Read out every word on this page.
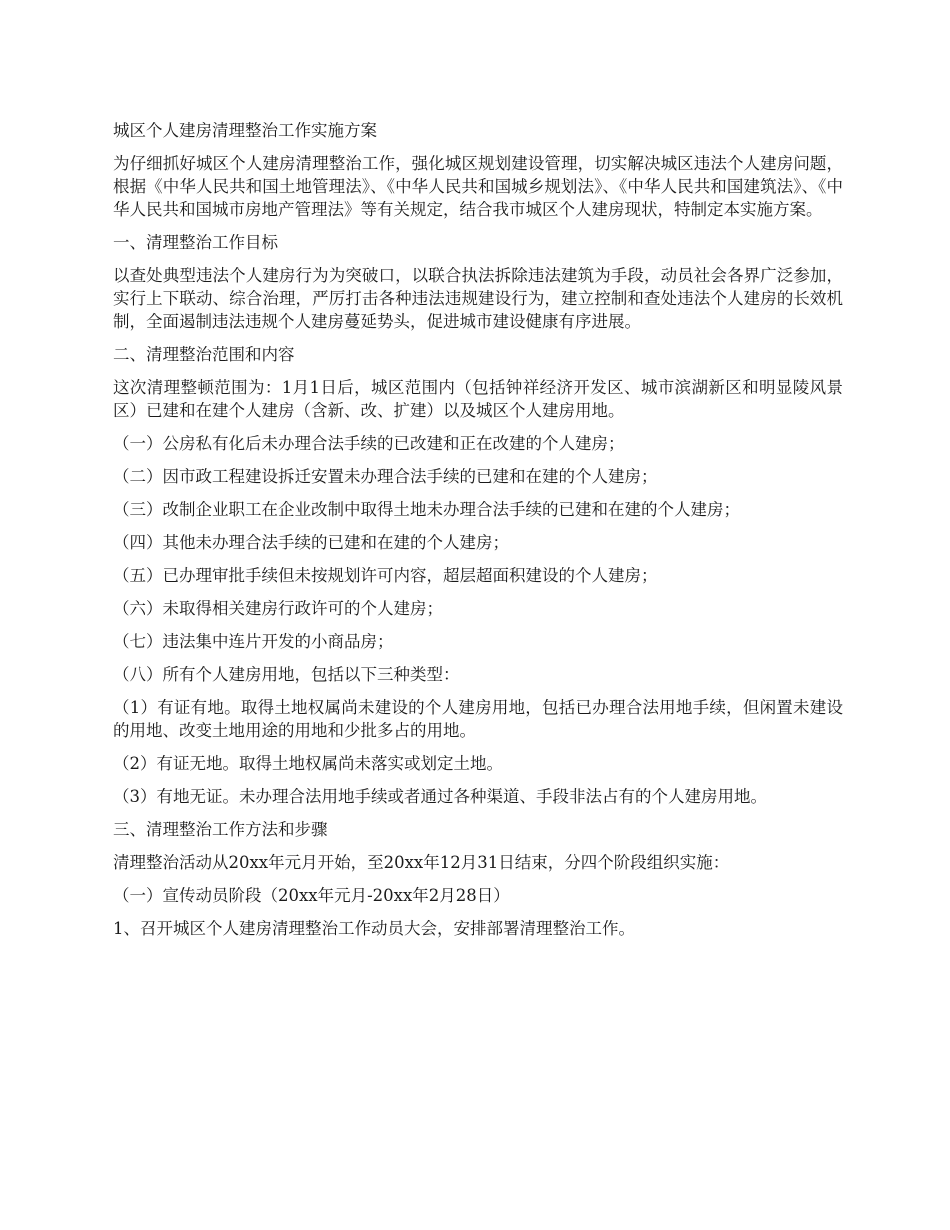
城区个人建房清理整治工作实施方案

为仔细抓好城区个人建房清理整治工作，强化城区规划建设管理，切实解决城区违法个人建房问题，根据《中华人民共和国土地管理法》、《中华人民共和国城乡规划法》、《中华人民共和国建筑法》、《中华人民共和国城市房地产管理法》等有关规定，结合我市城区个人建房现状，特制定本实施方案。

一、清理整治工作目标

以查处典型违法个人建房行为为突破口，以联合执法拆除违法建筑为手段，动员社会各界广泛参加，实行上下联动、综合治理，严厉打击各种违法违规建设行为，建立控制和查处违法个人建房的长效机制，全面遏制违法违规个人建房蔓延势头，促进城市建设健康有序进展。

二、清理整治范围和内容

这次清理整顿范围为：1月1日后，城区范围内（包括钟祥经济开发区、城市滨湖新区和明显陵风景区）已建和在建个人建房（含新、改、扩建）以及城区个人建房用地。

（一）公房私有化后未办理合法手续的已改建和正在改建的个人建房；

（二）因市政工程建设拆迁安置未办理合法手续的已建和在建的个人建房；

（三）改制企业职工在企业改制中取得土地未办理合法手续的已建和在建的个人建房；

（四）其他未办理合法手续的已建和在建的个人建房；

（五）已办理审批手续但未按规划许可内容，超层超面积建设的个人建房；

（六）未取得相关建房行政许可的个人建房；

（七）违法集中连片开发的小商品房；

（八）所有个人建房用地，包括以下三种类型：

（1）有证有地。取得土地权属尚未建设的个人建房用地，包括已办理合法用地手续，但闲置未建设的用地、改变土地用途的用地和少批多占的用地。

（2）有证无地。取得土地权属尚未落实或划定土地。

（3）有地无证。未办理合法用地手续或者通过各种渠道、手段非法占有的个人建房用地。

三、清理整治工作方法和步骤

清理整治活动从20xx年元月开始，至20xx年12月31日结束，分四个阶段组织实施：

（一）宣传动员阶段（20xx年元月-20xx年2月28日）

1、召开城区个人建房清理整治工作动员大会，安排部署清理整治工作。
